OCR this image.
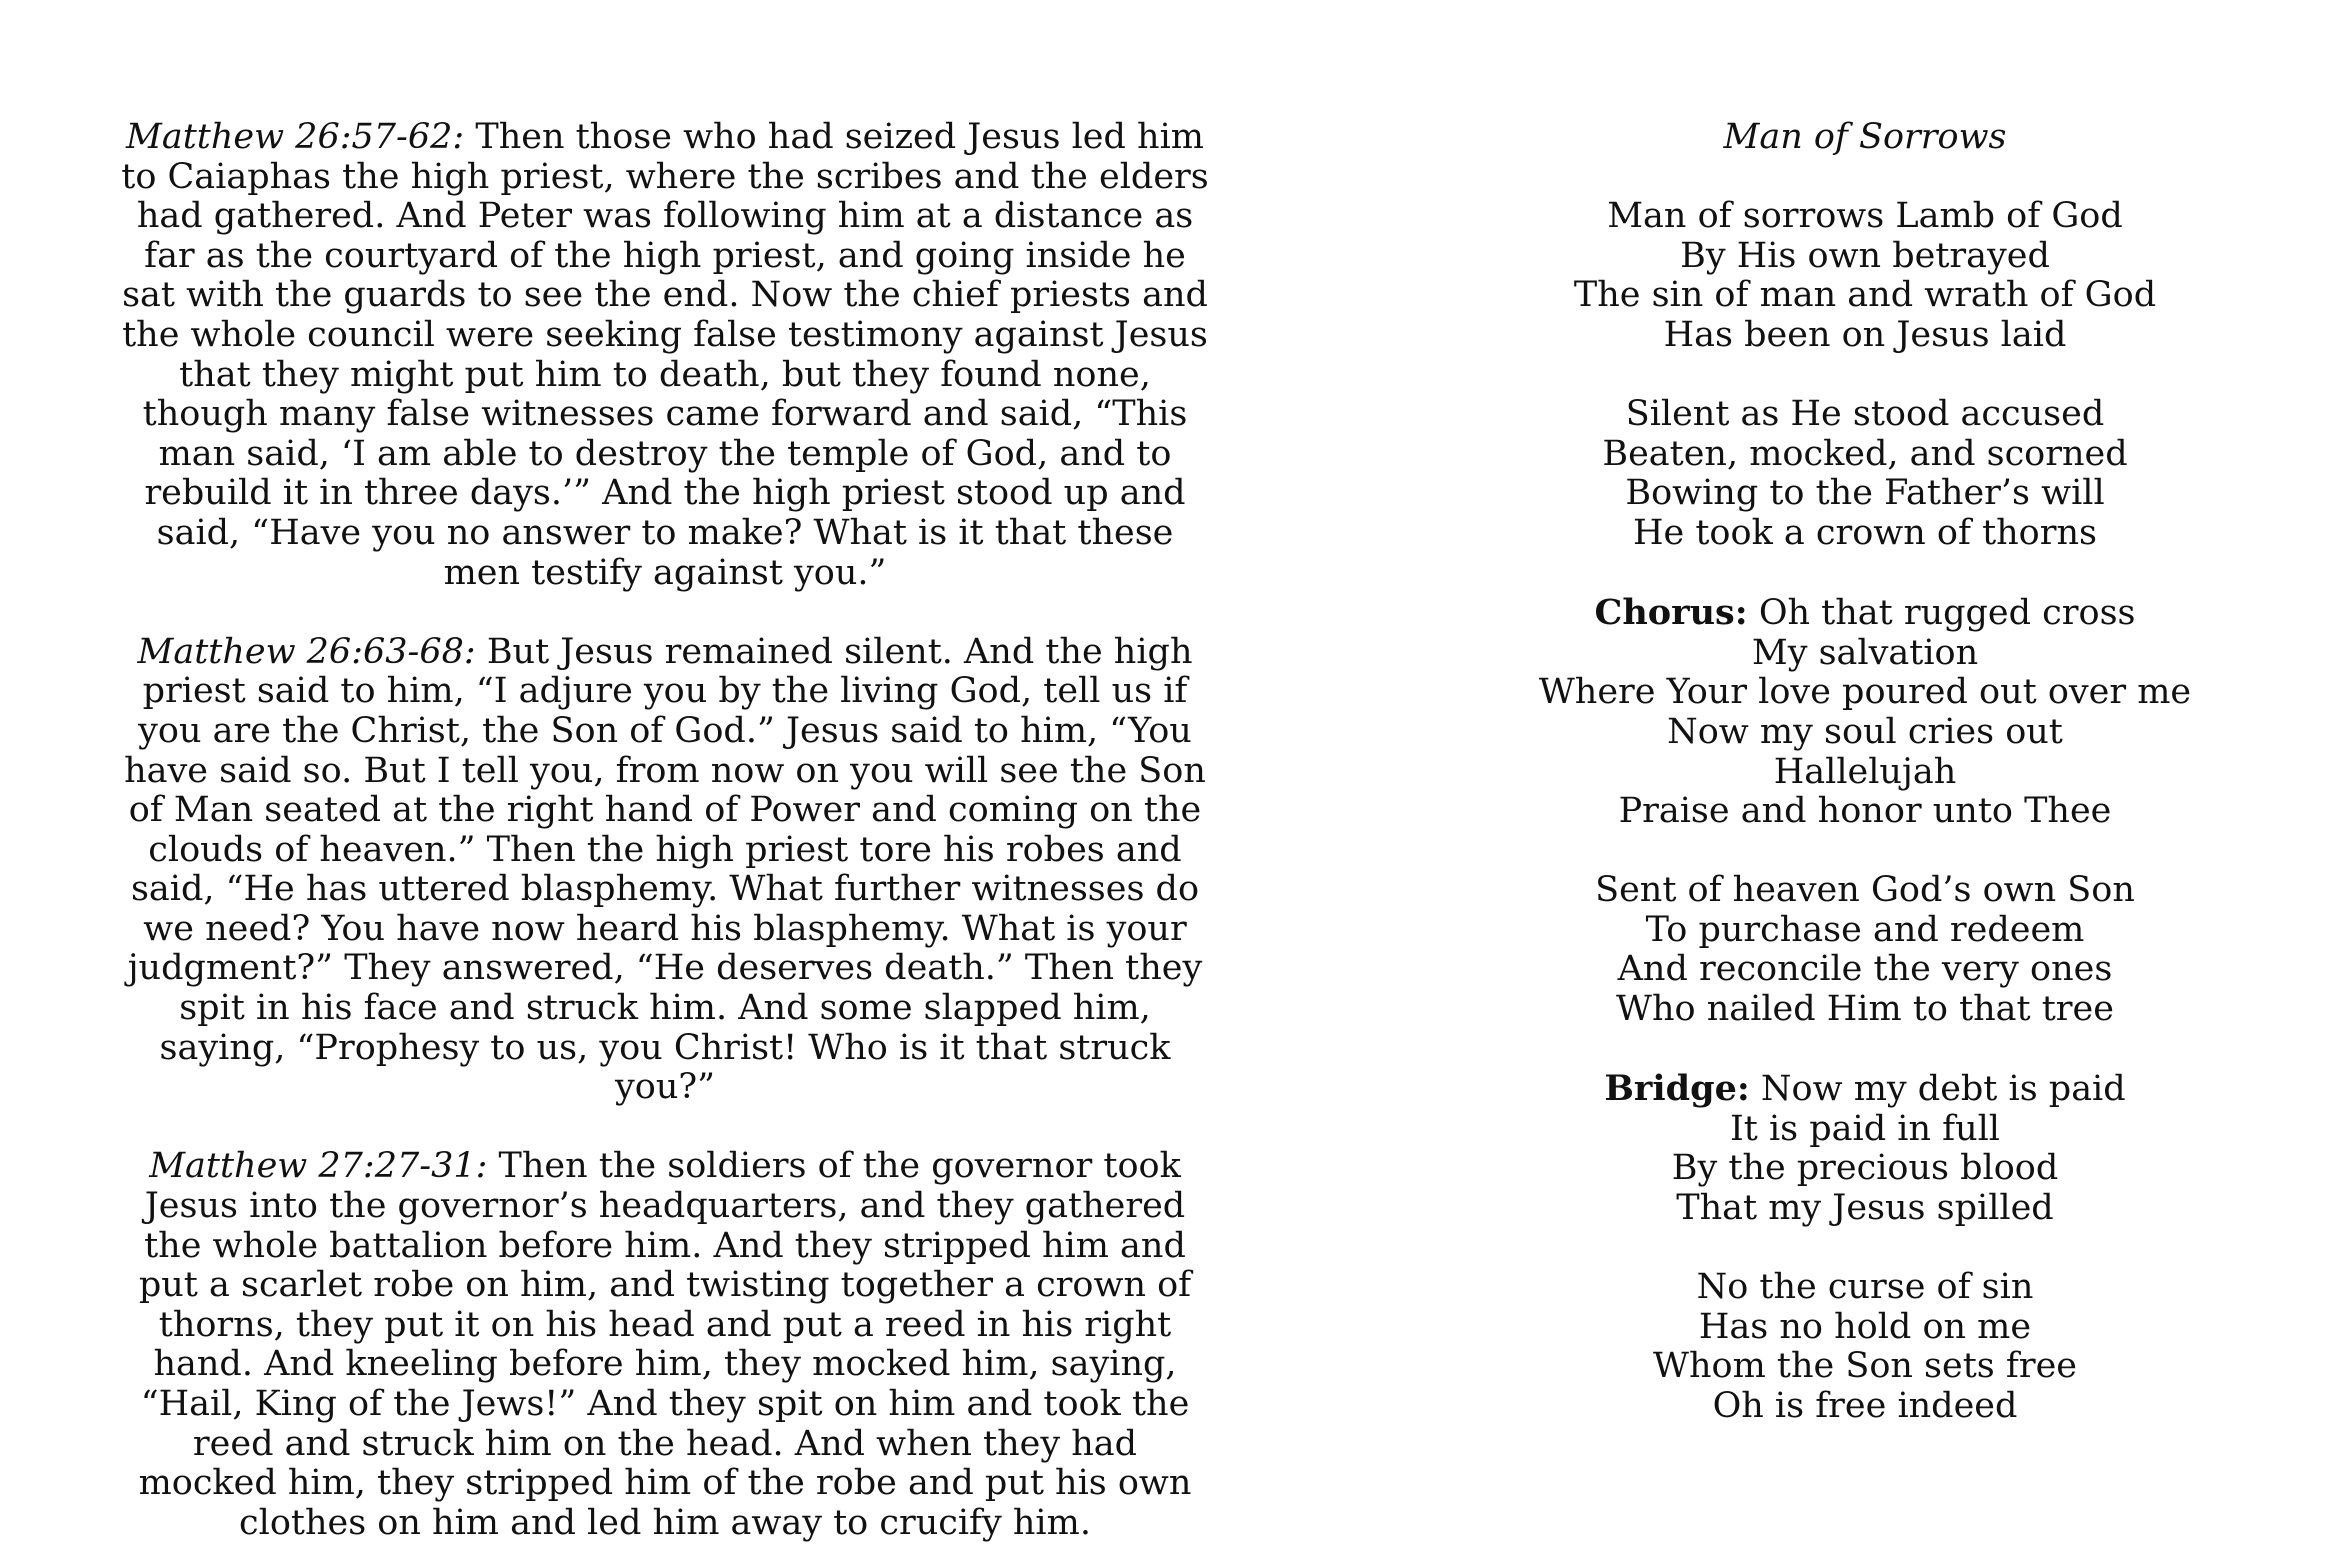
Matthew 26:57-62: Then those who had seized Jesus led him to Caiaphas the high priest, where the scribes and the elders had gathered. And Peter was following him at a distance as far as the courtyard of the high priest, and going inside he sat with the guards to see the end. Now the chief priests and the whole council were seeking false testimony against Jesus that they might put him to death, but they found none, though many false witnesses came forward and said, “This man said, ‘I am able to destroy the temple of God, and to rebuild it in three days.’” And the high priest stood up and said, “Have you no answer to make? What is it that these men testify against you.”

Matthew 26:63-68: But Jesus remained silent. And the high priest said to him, “I adjure you by the living God, tell us if you are the Christ, the Son of God.” Jesus said to him, “You have said so. But I tell you, from now on you will see the Son of Man seated at the right hand of Power and coming on the clouds of heaven.” Then the high priest tore his robes and said, “He has uttered blasphemy. What further witnesses do we need? You have now heard his blasphemy. What is your judgment?” They answered, “He deserves death.” Then they spit in his face and struck him. And some slapped him, saying, “Prophesy to us, you Christ! Who is it that struck you?”

Matthew 27:27-31: Then the soldiers of the governor took Jesus into the governor’s headquarters, and they gathered the whole battalion before him. And they stripped him and put a scarlet robe on him, and twisting together a crown of thorns, they put it on his head and put a reed in his right hand. And kneeling before him, they mocked him, saying, “Hail, King of the Jews!” And they spit on him and took the reed and struck him on the head. And when they had mocked him, they stripped him of the robe and put his own clothes on him and led him away to crucify him.

Man of Sorrows
Man of sorrows Lamb of God
By His own betrayed
The sin of man and wrath of God
Has been on Jesus laid
Silent as He stood accused
Beaten, mocked, and scorned
Bowing to the Father’s will
He took a crown of thorns
Chorus: Oh that rugged cross
My salvation
Where Your love poured out over me
Now my soul cries out
Hallelujah
Praise and honor unto Thee
Sent of heaven God’s own Son
To purchase and redeem
And reconcile the very ones
Who nailed Him to that tree
Bridge: Now my debt is paid
It is paid in full
By the precious blood
That my Jesus spilled
No the curse of sin
Has no hold on me
Whom the Son sets free
Oh is free indeed
